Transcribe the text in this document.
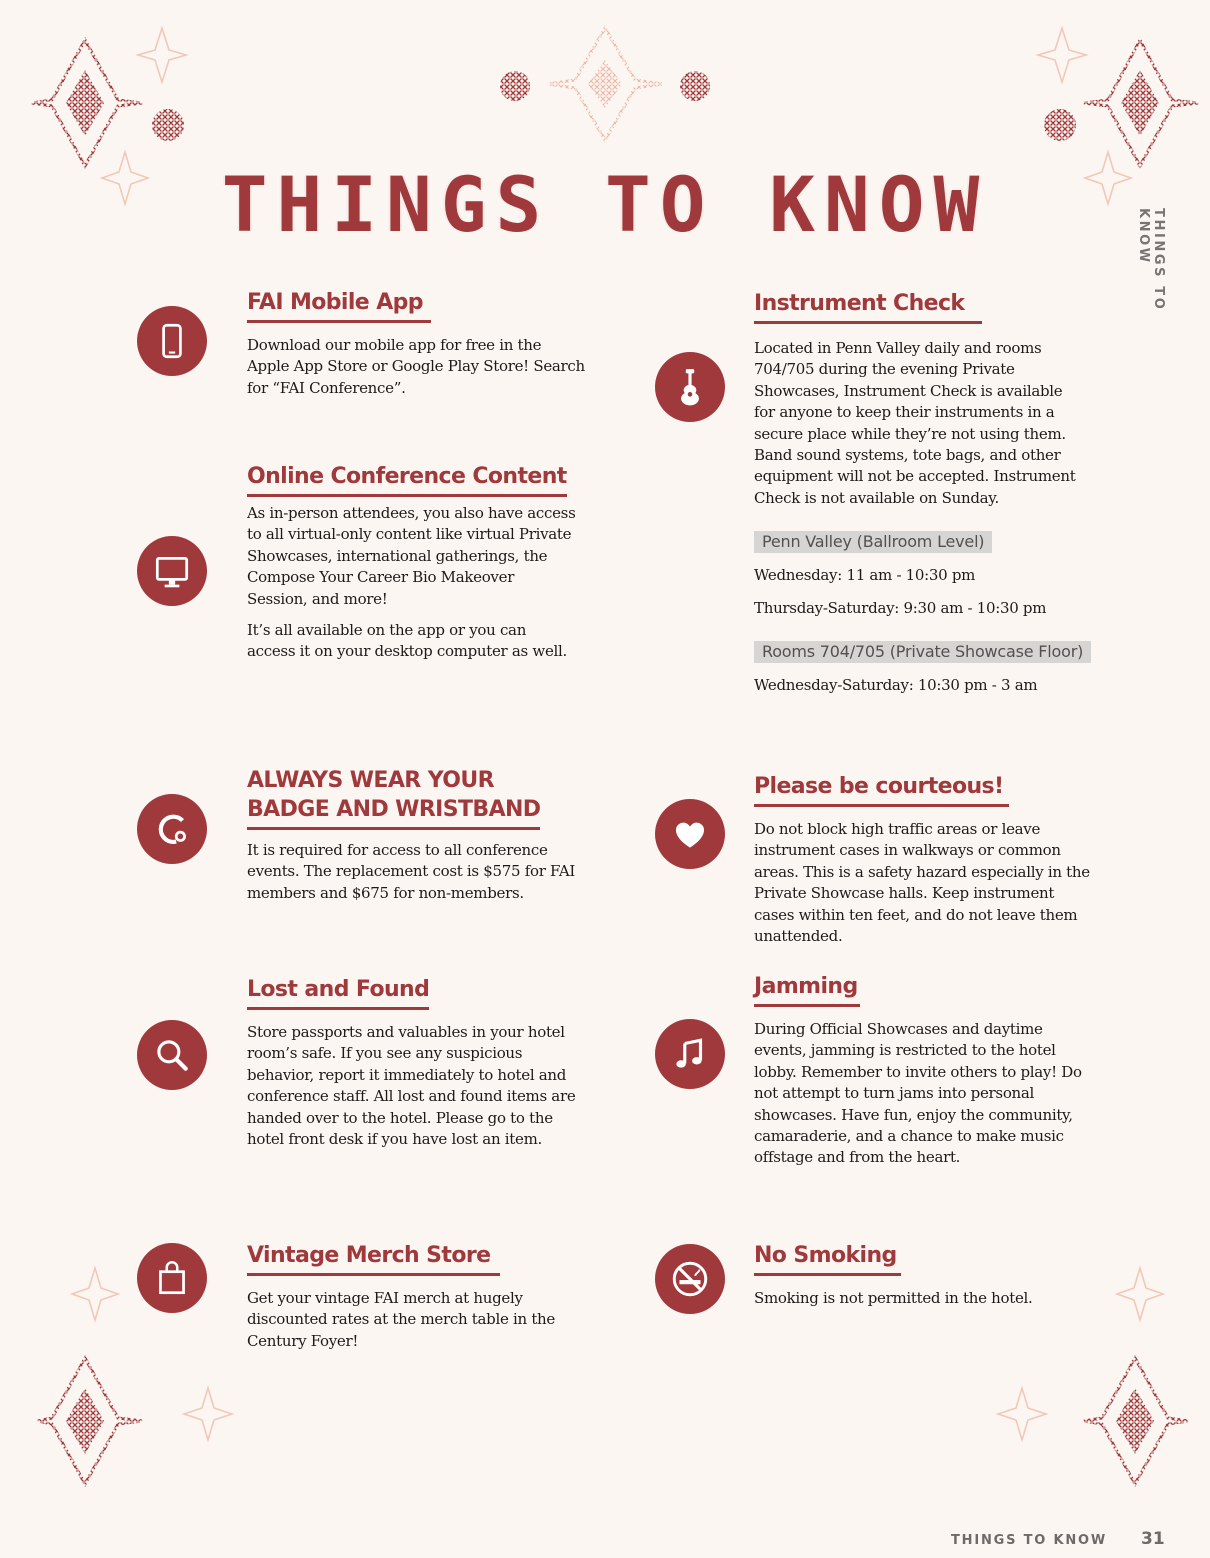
THINGS TO KNOW
THINGS TO KNOW
FAI Mobile App

Download our mobile app for free in the Apple App Store or Google Play Store! Search for “FAI Conference”.

Online Conference Content

As in-person attendees, you also have access to all virtual-only content like virtual Private Showcases, international gatherings, the Compose Your Career Bio Makeover Session, and more!

It’s all available on the app or you can access it on your desktop computer as well.

ALWAYS WEAR YOUR
BADGE AND WRISTBAND

It is required for access to all conference events. The replacement cost is $575 for FAI members and $675 for non-members.

Lost and Found

Store passports and valuables in your hotel room’s safe. If you see any suspicious behavior, report it immediately to hotel and conference staff. All lost and found items are handed over to the hotel. Please go to the hotel front desk if you have lost an item.

Vintage Merch Store

Get your vintage FAI merch at hugely discounted rates at the merch table in the Century Foyer!

Instrument Check

Located in Penn Valley daily and rooms 704/705 during the evening Private Showcases, Instrument Check is available for anyone to keep their instruments in a secure place while they’re not using them. Band sound systems, tote bags, and other equipment will not be accepted. Instrument Check is not available on Sunday.

Penn Valley (Ballroom Level)
Wednesday: 11 am - 10:30 pm
Thursday-Saturday: 9:30 am - 10:30 pm
Rooms 704/705 (Private Showcase Floor)
Wednesday-Saturday: 10:30 pm - 3 am
Please be courteous!

Do not block high traffic areas or leave instrument cases in walkways or common areas. This is a safety hazard especially in the Private Showcase halls. Keep instrument cases within ten feet, and do not leave them unattended.

Jamming

During Official Showcases and daytime events, jamming is restricted to the hotel lobby. Remember to invite others to play! Do not attempt to turn jams into personal showcases. Have fun, enjoy the community, camaraderie, and a chance to make music offstage and from the heart.

No Smoking

Smoking is not permitted in the hotel.

THINGS TO KNOW 31
